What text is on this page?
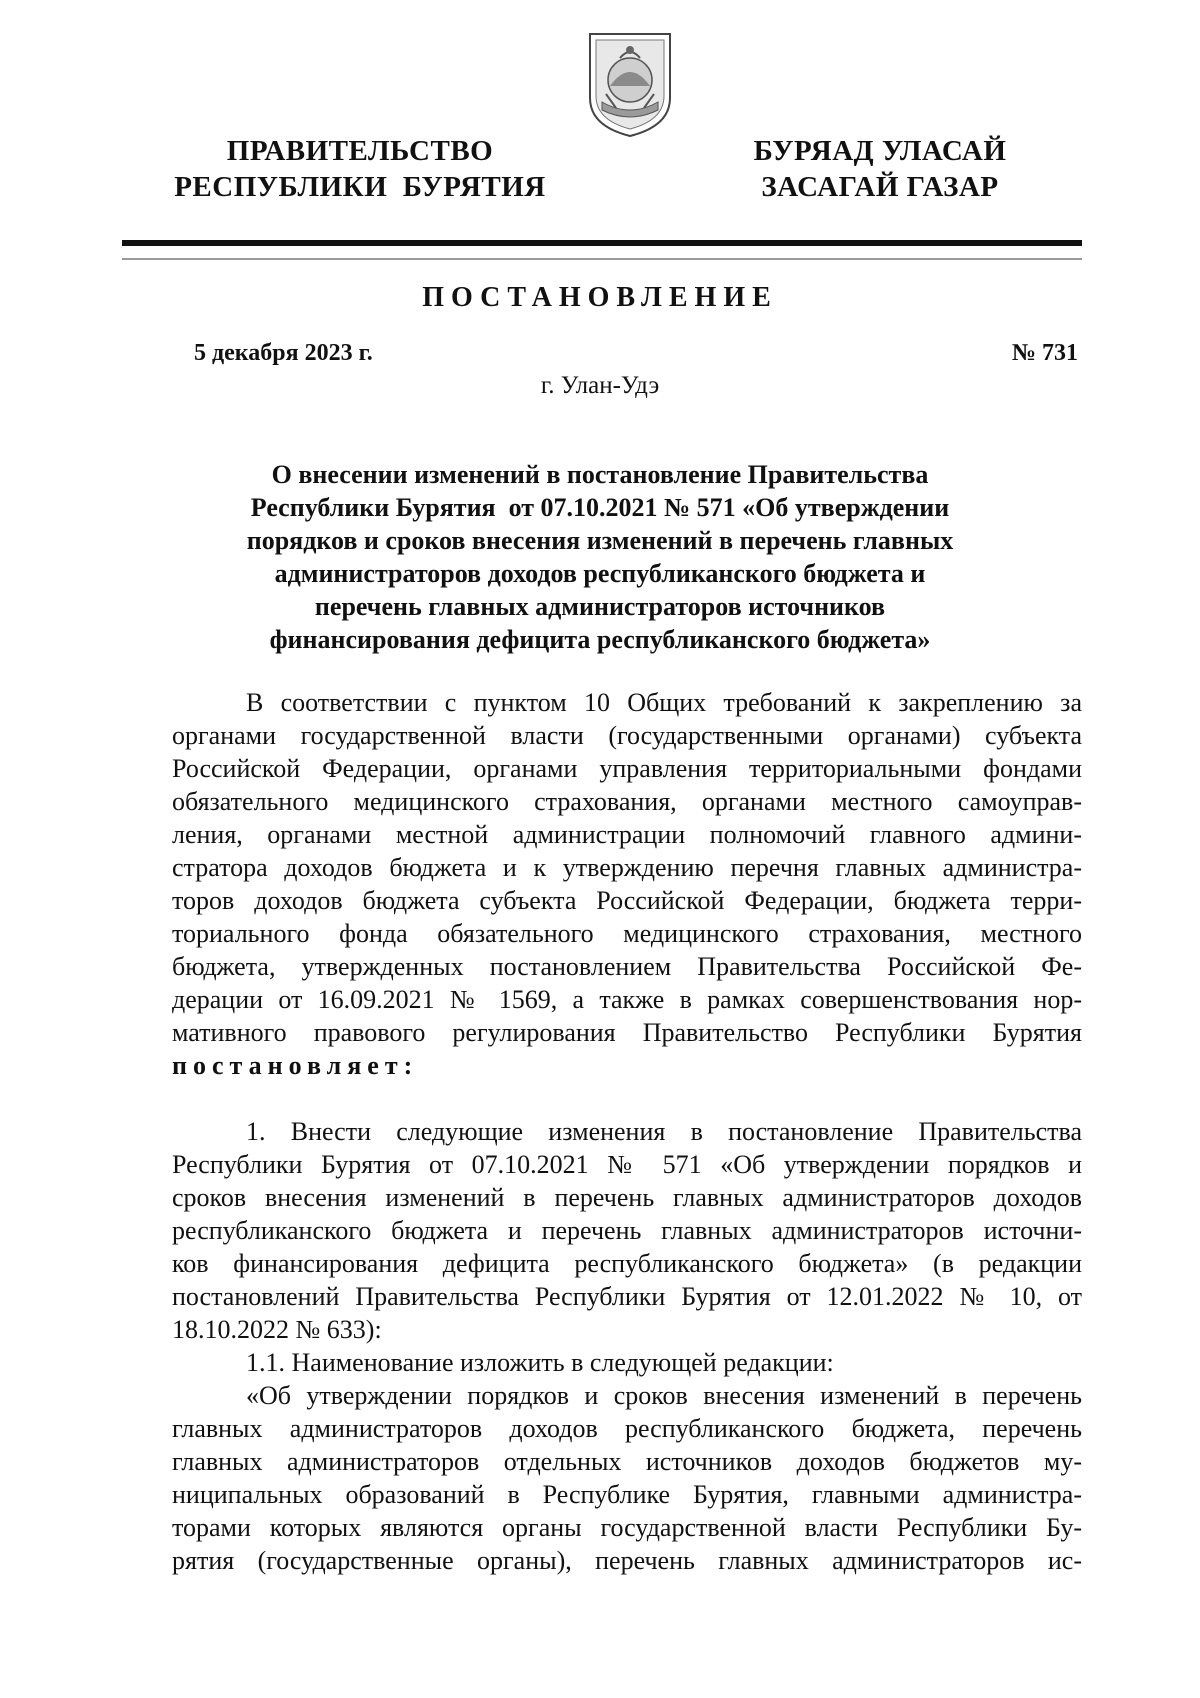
ПРАВИТЕЛЬСТВО
РЕСПУБЛИКИ  БУРЯТИЯ
БУРЯАД УЛАСАЙ
ЗАСАГАЙ ГАЗАР
ПОСТАНОВЛЕНИЕ
5 декабря 2023 г.	№ 731
г. Улан-Удэ
О внесении изменений в постановление Правительства
Республики Бурятия  от 07.10.2021 № 571 «Об утверждении
порядков и сроков внесения изменений в перечень главных
администраторов доходов республиканского бюджета и
перечень главных администраторов источников
финансирования дефицита республиканского бюджета»
В соответствии с пунктом 10 Общих требований к закреплению за
органами государственной власти (государственными органами) субъекта
Российской Федерации, органами управления территориальными фондами
обязательного медицинского страхования, органами местного самоуправ-
ления, органами местной администрации полномочий главного админи-
стратора доходов бюджета и к утверждению перечня главных администра-
торов доходов бюджета субъекта Российской Федерации, бюджета терри-
ториального фонда обязательного медицинского страхования, местного
бюджета, утвержденных постановлением Правительства Российской Фе-
дерации от 16.09.2021 № 1569, а также в рамках совершенствования нор-
мативного правового регулирования Правительство Республики Бурятия
постановляет:
1. Внести следующие изменения в постановление Правительства
Республики Бурятия от 07.10.2021 № 571 «Об утверждении порядков и
сроков внесения изменений в перечень главных администраторов доходов
республиканского бюджета и перечень главных администраторов источни-
ков финансирования дефицита республиканского бюджета» (в редакции
постановлений Правительства Республики Бурятия от 12.01.2022 № 10, от
18.10.2022 № 633):
1.1. Наименование изложить в следующей редакции:
«Об утверждении порядков и сроков внесения изменений в перечень
главных администраторов доходов республиканского бюджета, перечень
главных администраторов отдельных источников доходов бюджетов му-
ниципальных образований в Республике Бурятия, главными администра-
торами которых являются органы государственной власти Республики Бу-
рятия (государственные органы), перечень главных администраторов ис-
